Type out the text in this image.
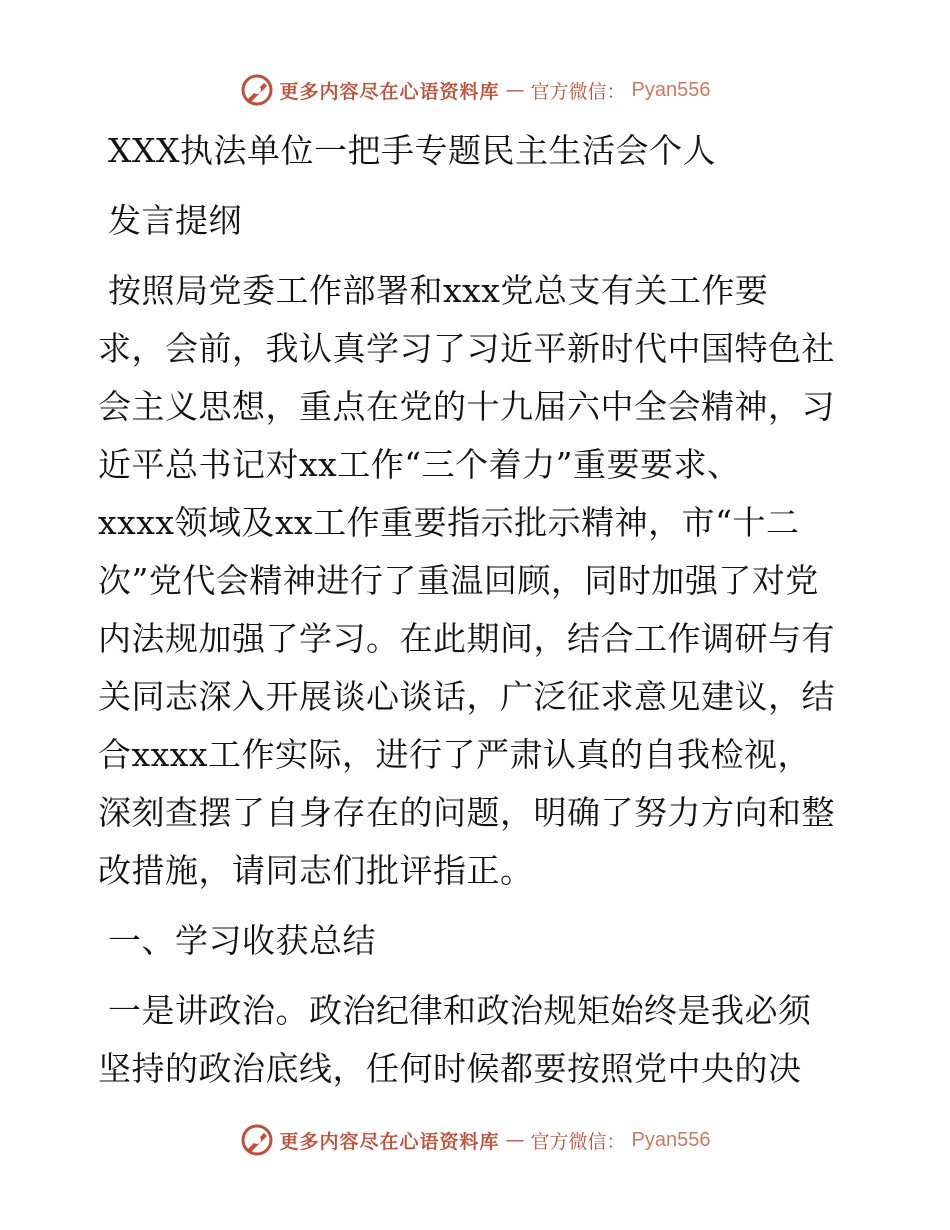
更多内容尽在心语资料库 — 官方微信： Pyan556
XXX执法单位一把手专题民主生活会个人
发言提纲
按照局党委工作部署和xxx党总支有关工作要
求，会前，我认真学习了习近平新时代中国特色社
会主义思想，重点在党的十九届六中全会精神，习
近平总书记对xx工作“三个着力”重要要求、
xxxx领域及xx工作重要指示批示精神，市“十二
次”党代会精神进行了重温回顾，同时加强了对党
内法规加强了学习。在此期间，结合工作调研与有
关同志深入开展谈心谈话，广泛征求意见建议，结
合xxxx工作实际，进行了严肃认真的自我检视，
深刻查摆了自身存在的问题，明确了努力方向和整
改措施，请同志们批评指正。
一、学习收获总结
一是讲政治。政治纪律和政治规矩始终是我必须
坚持的政治底线，任何时候都要按照党中央的决
更多内容尽在心语资料库 — 官方微信： Pyan556
